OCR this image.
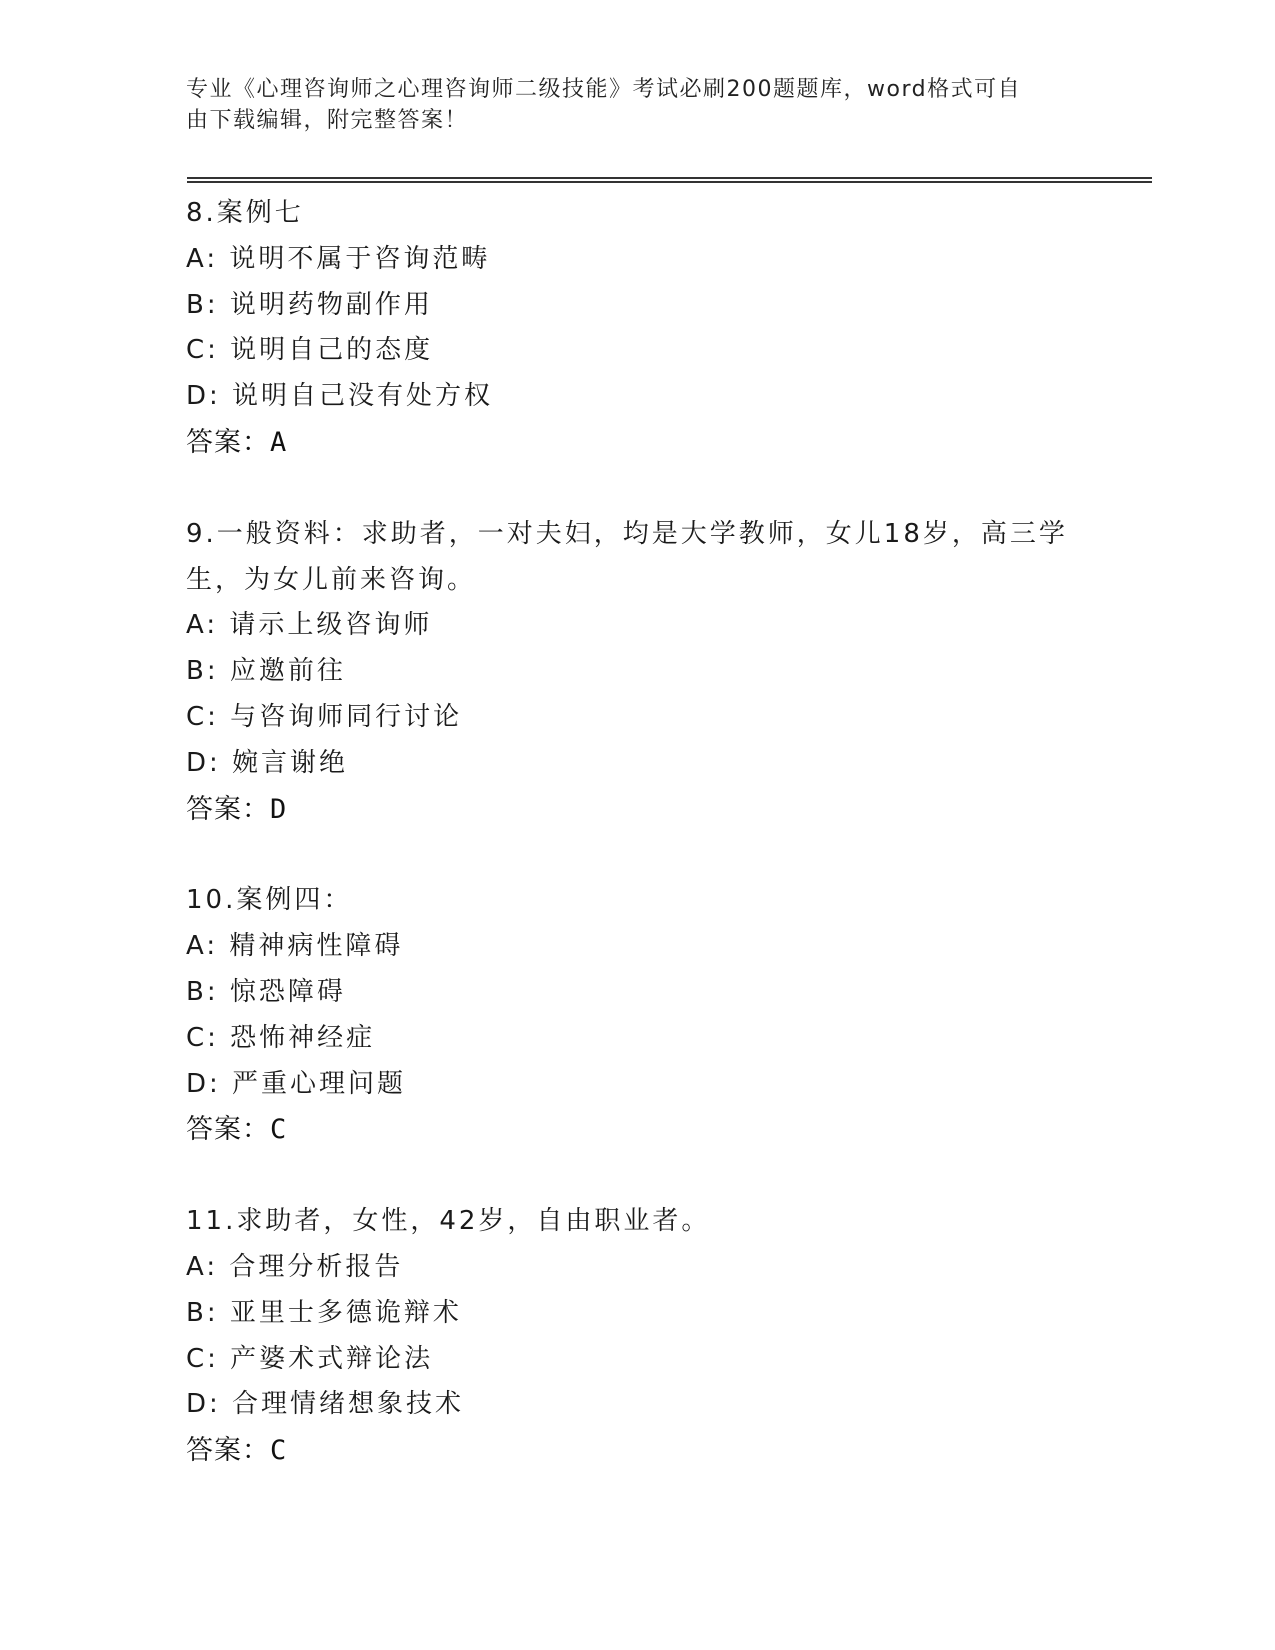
专业《心理咨询师之心理咨询师二级技能》考试必刷200题题库，word格式可自
由下载编辑，附完整答案！
8.案例七
A: 说明不属于咨询范畴
B: 说明药物副作用
C: 说明自己的态度
D: 说明自己没有处方权
答案：A
9.一般资料：求助者，一对夫妇，均是大学教师，女儿18岁，高三学
生，为女儿前来咨询。
A: 请示上级咨询师
B: 应邀前往
C: 与咨询师同行讨论
D: 婉言谢绝
答案：D
10.案例四：
A: 精神病性障碍
B: 惊恐障碍
C: 恐怖神经症
D: 严重心理问题
答案：C
11.求助者，女性，42岁，自由职业者。
A: 合理分析报告
B: 亚里士多德诡辩术
C: 产婆术式辩论法
D: 合理情绪想象技术
答案：C
